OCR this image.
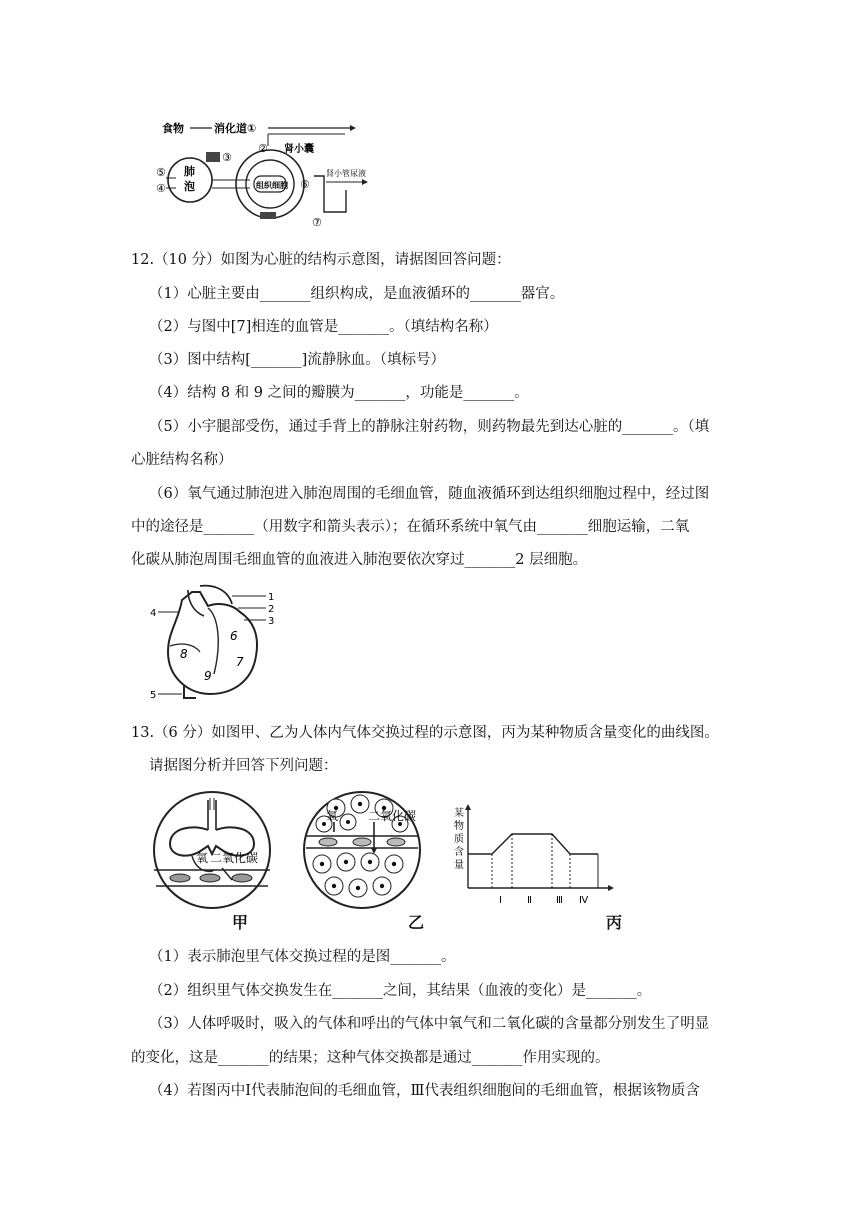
食物	消化道①
肺
泡
⑤
④	组织细胞
③
② 肾小囊
⑥
肾小管 尿液
⑦
12.（10 分）如图为心脏的结构示意图，请据图回答问题：
（1）心脏主要由_______组织构成，是血液循环的_______器官。
（2）与图中[7]相连的血管是_______。（填结构名称）
（3）图中结构[_______]流静脉血。（填标号）
（4）结构 8 和 9 之间的瓣膜为_______，功能是_______。
（5）小宇腿部受伤，通过手背上的静脉注射药物，则药物最先到达心脏的_______。（填
心脏结构名称）
（6）氧气通过肺泡进入肺泡周围的毛细血管，随血液循环到达组织细胞过程中，经过图
中的途径是_______（用数字和箭头表示）；在循环系统中氧气由_______细胞运输，二氧
化碳从肺泡周围毛细血管的血液进入肺泡要依次穿过_______2 层细胞。
1
2
3
4
5
6
7
8
9
13.（6 分）如图甲、乙为人体内气体交换过程的示意图，丙为某种物质含量变化的曲线图。
请据图分析并回答下列问题：
氧 二氧化碳
甲
氧 二氧化碳
乙
某
物
质
含
量
Ⅰ	Ⅱ Ⅲ Ⅳ
丙
（1）表示肺泡里气体交换过程的是图_______。
（2）组织里气体交换发生在_______之间，其结果（血液的变化）是_______。
（3）人体呼吸时，吸入的气体和呼出的气体中氧气和二氧化碳的含量都分别发生了明显
的变化，这是_______的结果；这种气体交换都是通过_______作用实现的。
（4）若图丙中Ⅰ代表肺泡间的毛细血管，Ⅲ代表组织细胞间的毛细血管，根据该物质含
